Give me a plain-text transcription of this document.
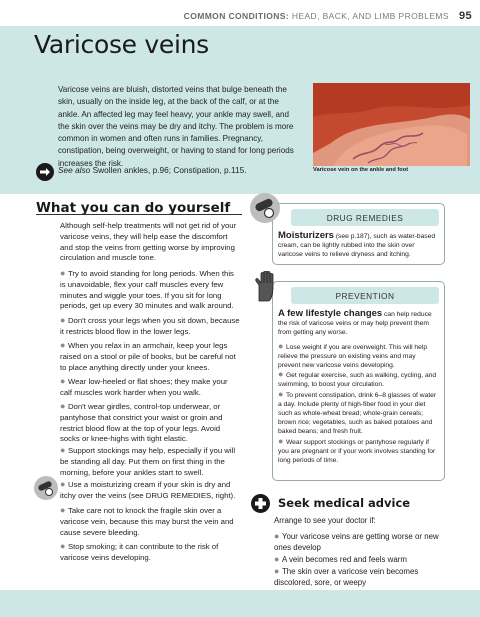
COMMON CONDITIONS: HEAD, BACK, AND LIMB PROBLEMS 95
Varicose veins

Varicose veins are bluish, distorted veins that bulge beneath the skin, usually on the inside leg, at the back of the calf, or at the ankle. An affected leg may feel heavy, your ankle may swell, and the skin over the veins may be dry and itchy. The problem is more common in women and often runs in families. Pregnancy, constipation, being overweight, or having to stand for long periods increases the risk.

See also Swollen ankles, p.96; Constipation, p.115.	Varicose vein on the ankle and foot
What you can do yourself

Although self-help treatments will not get rid of your varicose veins, they will help ease the discomfort and stop the veins from getting worse by improving circulation and muscle tone.

● Try to avoid standing for long periods. When this is unavoidable, flex your calf muscles every few minutes and wiggle your toes. If you sit for long periods, get up every 30 minutes and walk around.

● Don't cross your legs when you sit down, because it restricts blood flow in the lower legs.

● When you relax in an armchair, keep your legs raised on a stool or pile of books, but be careful not to place anything directly under your knees.

● Wear low-heeled or flat shoes; they make your calf muscles work harder when you walk.

● Don't wear girdles, control-top underwear, or pantyhose that constrict your waist or groin and restrict blood flow at the top of your legs. Avoid socks or knee-highs with tight elastic.

● Support stockings may help, especially if you will be standing all day. Put them on first thing in the morning, before your ankles start to swell.

● Use a moisturizing cream if your skin is dry and itchy over the veins (see DRUG REMEDIES, right).

● Take care not to knock the fragile skin over a varicose vein, because this may burst the vein and cause severe bleeding.

● Stop smoking; it can contribute to the risk of varicose veins developing.

DRUG REMEDIES
Moisturizers (see p.187), such as water-based cream, can be lightly rubbed into the skin over varicose veins to relieve dryness and itching.
PREVENTION

A few lifestyle changes can help reduce the risk of varicose veins or may help prevent them from getting any worse.

● Lose weight if you are overweight. This will help relieve the pressure on existing veins and may prevent new varicose veins developing.

● Get regular exercise, such as walking, cycling, and swimming, to boost your circulation.

● To prevent constipation, drink 6–8 glasses of water a day. Include plenty of high-fiber food in your diet such as whole-wheat bread; whole-grain cereals; brown rice; vegetables, such as baked potatoes and baked beans; and fresh fruit.

● Wear support stockings or pantyhose regularly if you are pregnant or if your work involves standing for long periods of time.

Seek medical advice
Arrange to see your doctor if:

● Your varicose veins are getting worse or new ones develop

● A vein becomes red and feels warm

● The skin over a varicose vein becomes discolored, sore, or weepy
